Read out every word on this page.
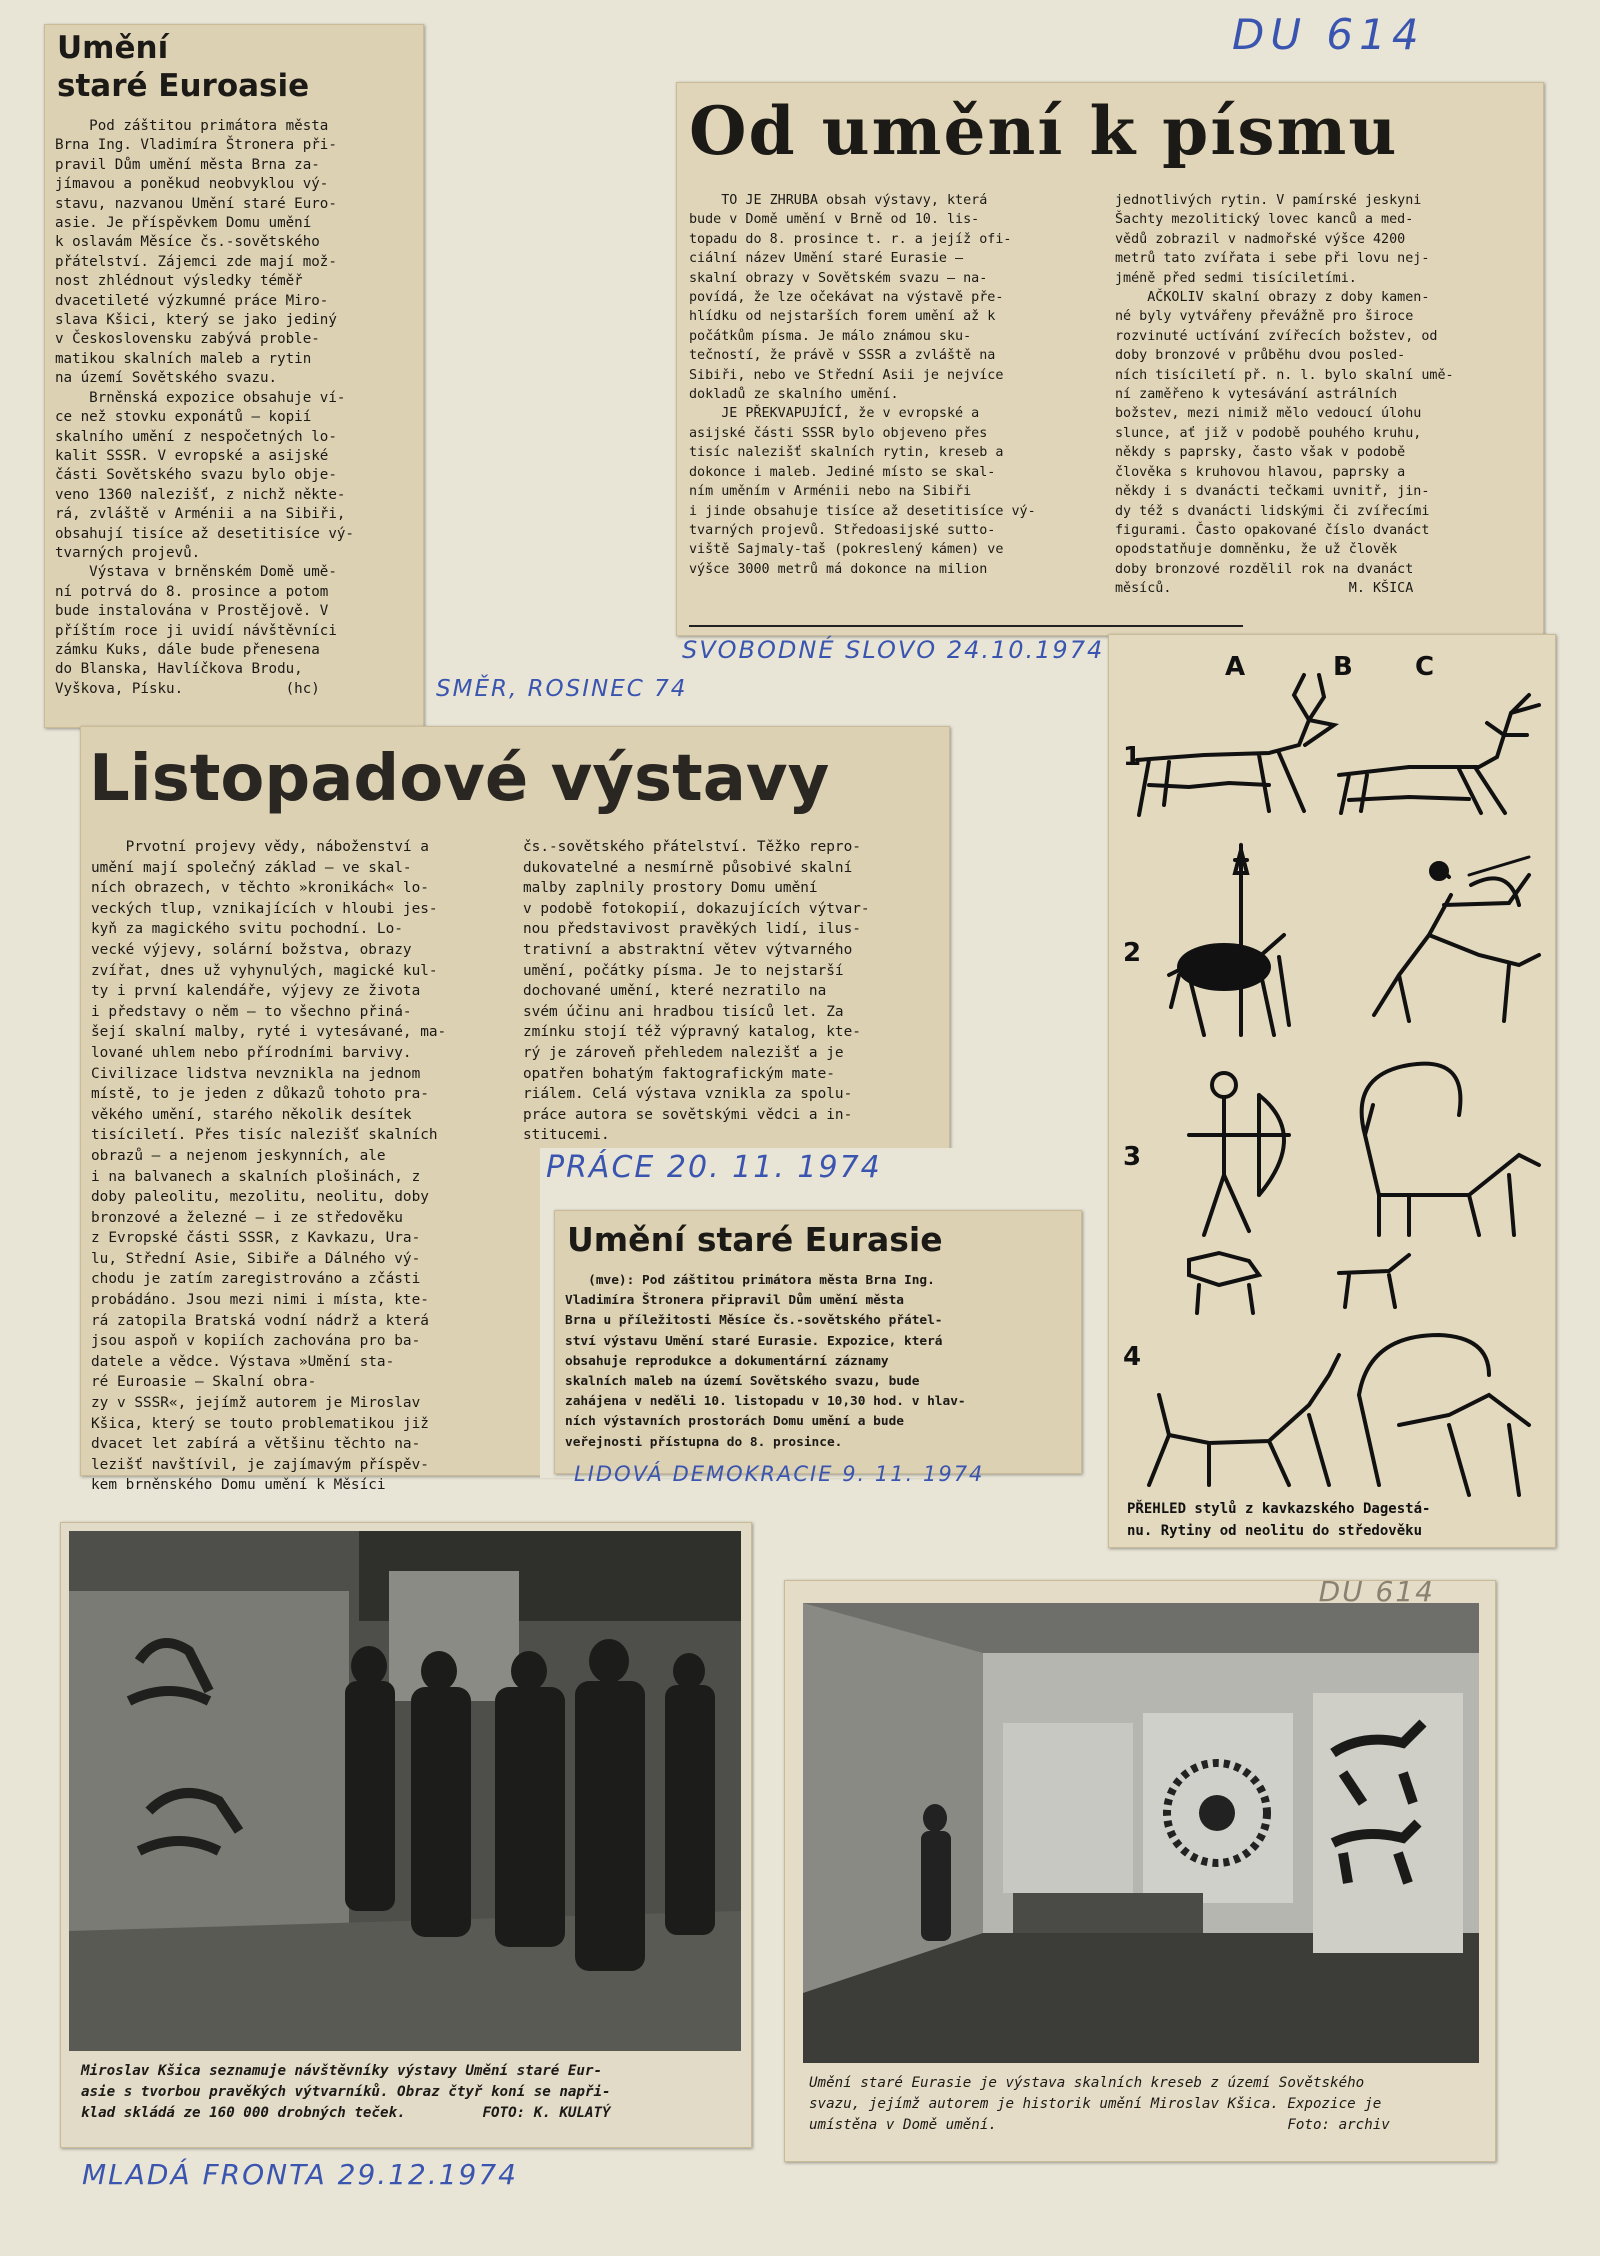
DU 614
Umění
staré Euroasie

Pod záštitou primátora města
Brna Ing. Vladimíra Štronera při-
pravil Dům umění města Brna za-
jímavou a poněkud neobvyklou vý-
stavu, nazvanou Umění staré Euro-
asie. Je příspěvkem Domu umění
k oslavám Měsíce čs.-sovětského
přátelství. Zájemci zde mají mož-
nost zhlédnout výsledky téměř
dvacetileté výzkumné práce Miro-
slava Kšici, který se jako jediný
v Československu zabývá proble-
matikou skalních maleb a rytin
na území Sovětského svazu.
Brněnská expozice obsahuje ví-
ce než stovku exponátů — kopií
skalního umění z nespočetných lo-
kalit SSSR. V evropské a asijské
části Sovětského svazu bylo obje-
veno 1360 nalezišť, z nichž někte-
rá, zvláště v Arménii a na Sibiři,
obsahují tisíce až desetitisíce vý-
tvarných projevů.
Výstava v brněnském Domě umě-
ní potrvá do 8. prosince a potom
bude instalována v Prostějově. V
příštím roce ji uvidí návštěvníci
zámku Kuks, dále bude přenesena
do Blanska, Havlíčkova Brodu,
Vyškova, Písku.            (hc)

Od umění k písmu

TO JE ZHRUBA obsah výstavy, která
bude v Domě umění v Brně od 10. lis-
topadu do 8. prosince t. r. a jejíž ofi-
ciální název Umění staré Eurasie —
skalní obrazy v Sovětském svazu — na-
povídá, že lze očekávat na výstavě pře-
hlídku od nejstarších forem umění až k
počátkům písma. Je málo známou sku-
tečností, že právě v SSSR a zvláště na
Sibiři, nebo ve Střední Asii je nejvíce
dokladů ze skalního umění.
JE PŘEKVAPUJÍCÍ, že v evropské a
asijské části SSSR bylo objeveno přes
tisíc nalezišť skalních rytin, kreseb a
dokonce i maleb. Jediné místo se skal-
ním uměním v Arménii nebo na Sibiři
i jinde obsahuje tisíce až desetitisíce vý-
tvarných projevů. Středoasijské sutto-
viště Sajmaly-taš (pokreslený kámen) ve
výšce 3000 metrů má dokonce na milion

jednotlivých rytin. V pamírské jeskyni
Šachty mezolitický lovec kanců a med-
vědů zobrazil v nadmořské výšce 4200
metrů tato zvířata i sebe při lovu nej-
jméně před sedmi tisíciletími.
AČKOLIV skalní obrazy z doby kamen-
né byly vytvářeny převážně pro široce
rozvinuté uctívání zvířecích božstev, od
doby bronzové v průběhu dvou posled-
ních tisíciletí př. n. l. bylo skalní umě-
ní zaměřeno k vytesávání astrálních
božstev, mezi nimiž mělo vedoucí úlohu
slunce, ať již v podobě pouhého kruhu,
někdy s paprsky, často však v podobě
člověka s kruhovou hlavou, paprsky a
někdy i s dvanácti tečkami uvnitř, jin-
dy též s dvanácti lidskými či zvířecími
figurami. Často opakované číslo dvanáct
opodstatňuje domněnku, že už člověk
doby bronzové rozdělil rok na dvanáct
měsíců.                      M. KŠICA

SVOBODNÉ SLOVO 24.10.1974
SMĚR, ROSINEC 74
Listopadové výstavy

Prvotní projevy vědy, náboženství a
umění mají společný základ — ve skal-
ních obrazech, v těchto »kronikách« lo-
veckých tlup, vznikajících v hloubi jes-
kyň za magického svitu pochodní. Lo-
vecké výjevy, solární božstva, obrazy
zvířat, dnes už vyhynulých, magické kul-
ty i první kalendáře, výjevy ze života
i představy o něm — to všechno přiná-
šejí skalní malby, ryté i vytesávané, ma-
lované uhlem nebo přírodními barvivy.
Civilizace lidstva nevznikla na jednom
místě, to je jeden z důkazů tohoto pra-
věkého umění, starého několik desítek
tisíciletí. Přes tisíc nalezišť skalních
obrazů — a nejenom jeskynních, ale
i na balvanech a skalních plošinách, z
doby paleolitu, mezolitu, neolitu, doby
bronzové a železné — i ze středověku
z Evropské části SSSR, z Kavkazu, Ura-
lu, Střední Asie, Sibiře a Dálného vý-
chodu je zatím zaregistrováno a zčásti
probádáno. Jsou mezi nimi i místa, kte-
rá zatopila Bratská vodní nádrž a která
jsou aspoň v kopiích zachována pro ba-
datele a vědce. Výstava »Umění sta-
ré Euroasie — Skalní obra-
zy v SSSR«, jejímž autorem je Miroslav
Kšica, který se touto problematikou již
dvacet let zabírá a většinu těchto na-
lezišť navštívil, je zajímavým příspěv-
kem brněnského Domu umění k Měsíci

čs.-sovětského přátelství. Těžko repro-
dukovatelné a nesmírně působivé skalní
malby zaplnily prostory Domu umění
v podobě fotokopií, dokazujících výtvar-
nou představivost pravěkých lidí, ilus-
trativní a abstraktní větev výtvarného
umění, počátky písma. Je to nejstarší
dochované umění, které nezratilo na
svém účinu ani hradbou tisíců let. Za
zmínku stojí též výpravný katalog, kte-
rý je zároveň přehledem nalezišť a je
opatřen bohatým faktografickým mate-
riálem. Celá výstava vznikla za spolu-
práce autora se sovětskými vědci a in-
stitucemi.

PRÁCE 20. 11. 1974
Umění staré Eurasie

(mve): Pod záštitou primátora města Brna Ing.
Vladimíra Štronera připravil Dům umění města
Brna u příležitosti Měsíce čs.-sovětského přátel-
ství výstavu Umění staré Eurasie. Expozice, která
obsahuje reprodukce a dokumentární záznamy
skalních maleb na území Sovětského svazu, bude
zahájena v neděli 10. listopadu v 10,30 hod. v hlav-
ních výstavních prostorách Domu umění a bude
veřejnosti přístupna do 8. prosince.

LIDOVÁ DEMOKRACIE 9. 11. 1974
A	B C
1
2
3
4
PŘEHLED stylů z kavkazského Dagestá-
nu. Rytiny od neolitu do středověku

Miroslav Kšica seznamuje návštěvníky výstavy Umění staré Eur-
asie s tvorbou pravěkých výtvarníků. Obraz čtyř koní se napři-
klad skládá ze 160 000 drobných teček.         FOTO: K. KULATÝ

MLADÁ FRONTA 29.12.1974
DU 614

Umění staré Eurasie je výstava skalních kreseb z území Sovětského
svazu, jejímž autorem je historik umění Miroslav Kšica. Expozice je
umístěna v Domě umění.                                  Foto: archiv
